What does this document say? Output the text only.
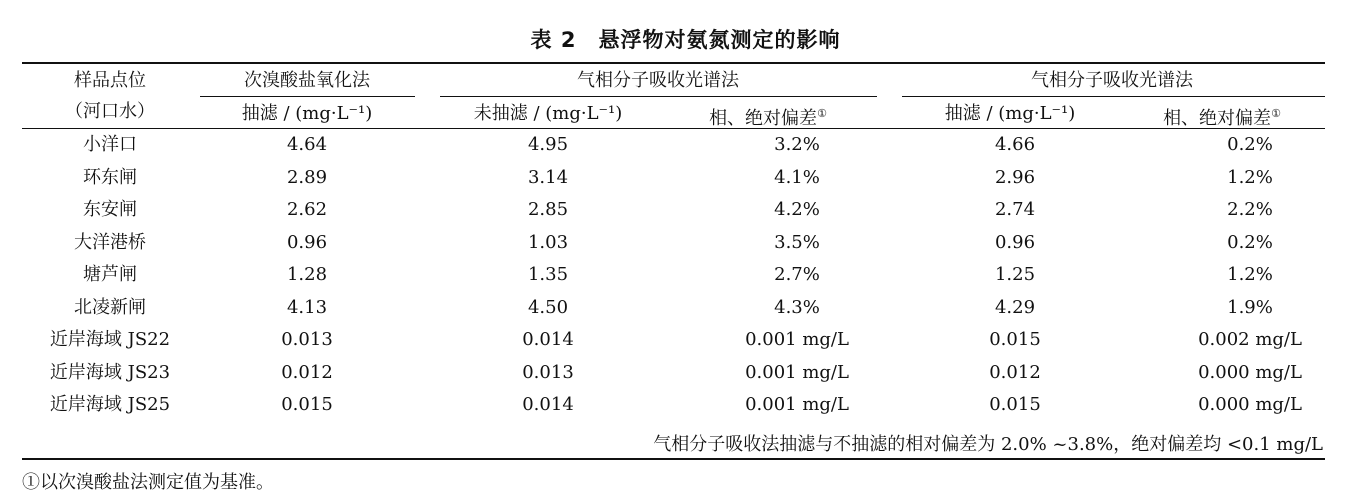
表 2 悬浮物对氨氮测定的影响
样品点位
（河口水）
次溴酸盐氧化法	气相分子吸收光谱法	气相分子吸收光谱法
抽滤 / (mg·L⁻¹)	未抽滤 / (mg·L⁻¹)	相、绝对偏差①	抽滤 / (mg·L⁻¹)	相、绝对偏差①
小洋口	4.64	4.95	3.2%	4.66	0.2%
环东闸	2.89	3.14	4.1%	2.96	1.2%
东安闸	2.62	2.85	4.2%	2.74	2.2%
大洋港桥	0.96	1.03	3.5%	0.96	0.2%
塘芦闸	1.28	1.35	2.7%	1.25	1.2%
北凌新闸	4.13	4.50	4.3%	4.29	1.9%
近岸海域 JS22	0.013	0.014	0.001 mg/L	0.015	0.002 mg/L
近岸海域 JS23	0.012	0.013	0.001 mg/L	0.012	0.000 mg/L
近岸海域 JS25	0.015	0.014	0.001 mg/L	0.015	0.000 mg/L
气相分子吸收法抽滤与不抽滤的相对偏差为 2.0% ~3.8%，绝对偏差均 <0.1 mg/L
①以次溴酸盐法测定值为基准。
